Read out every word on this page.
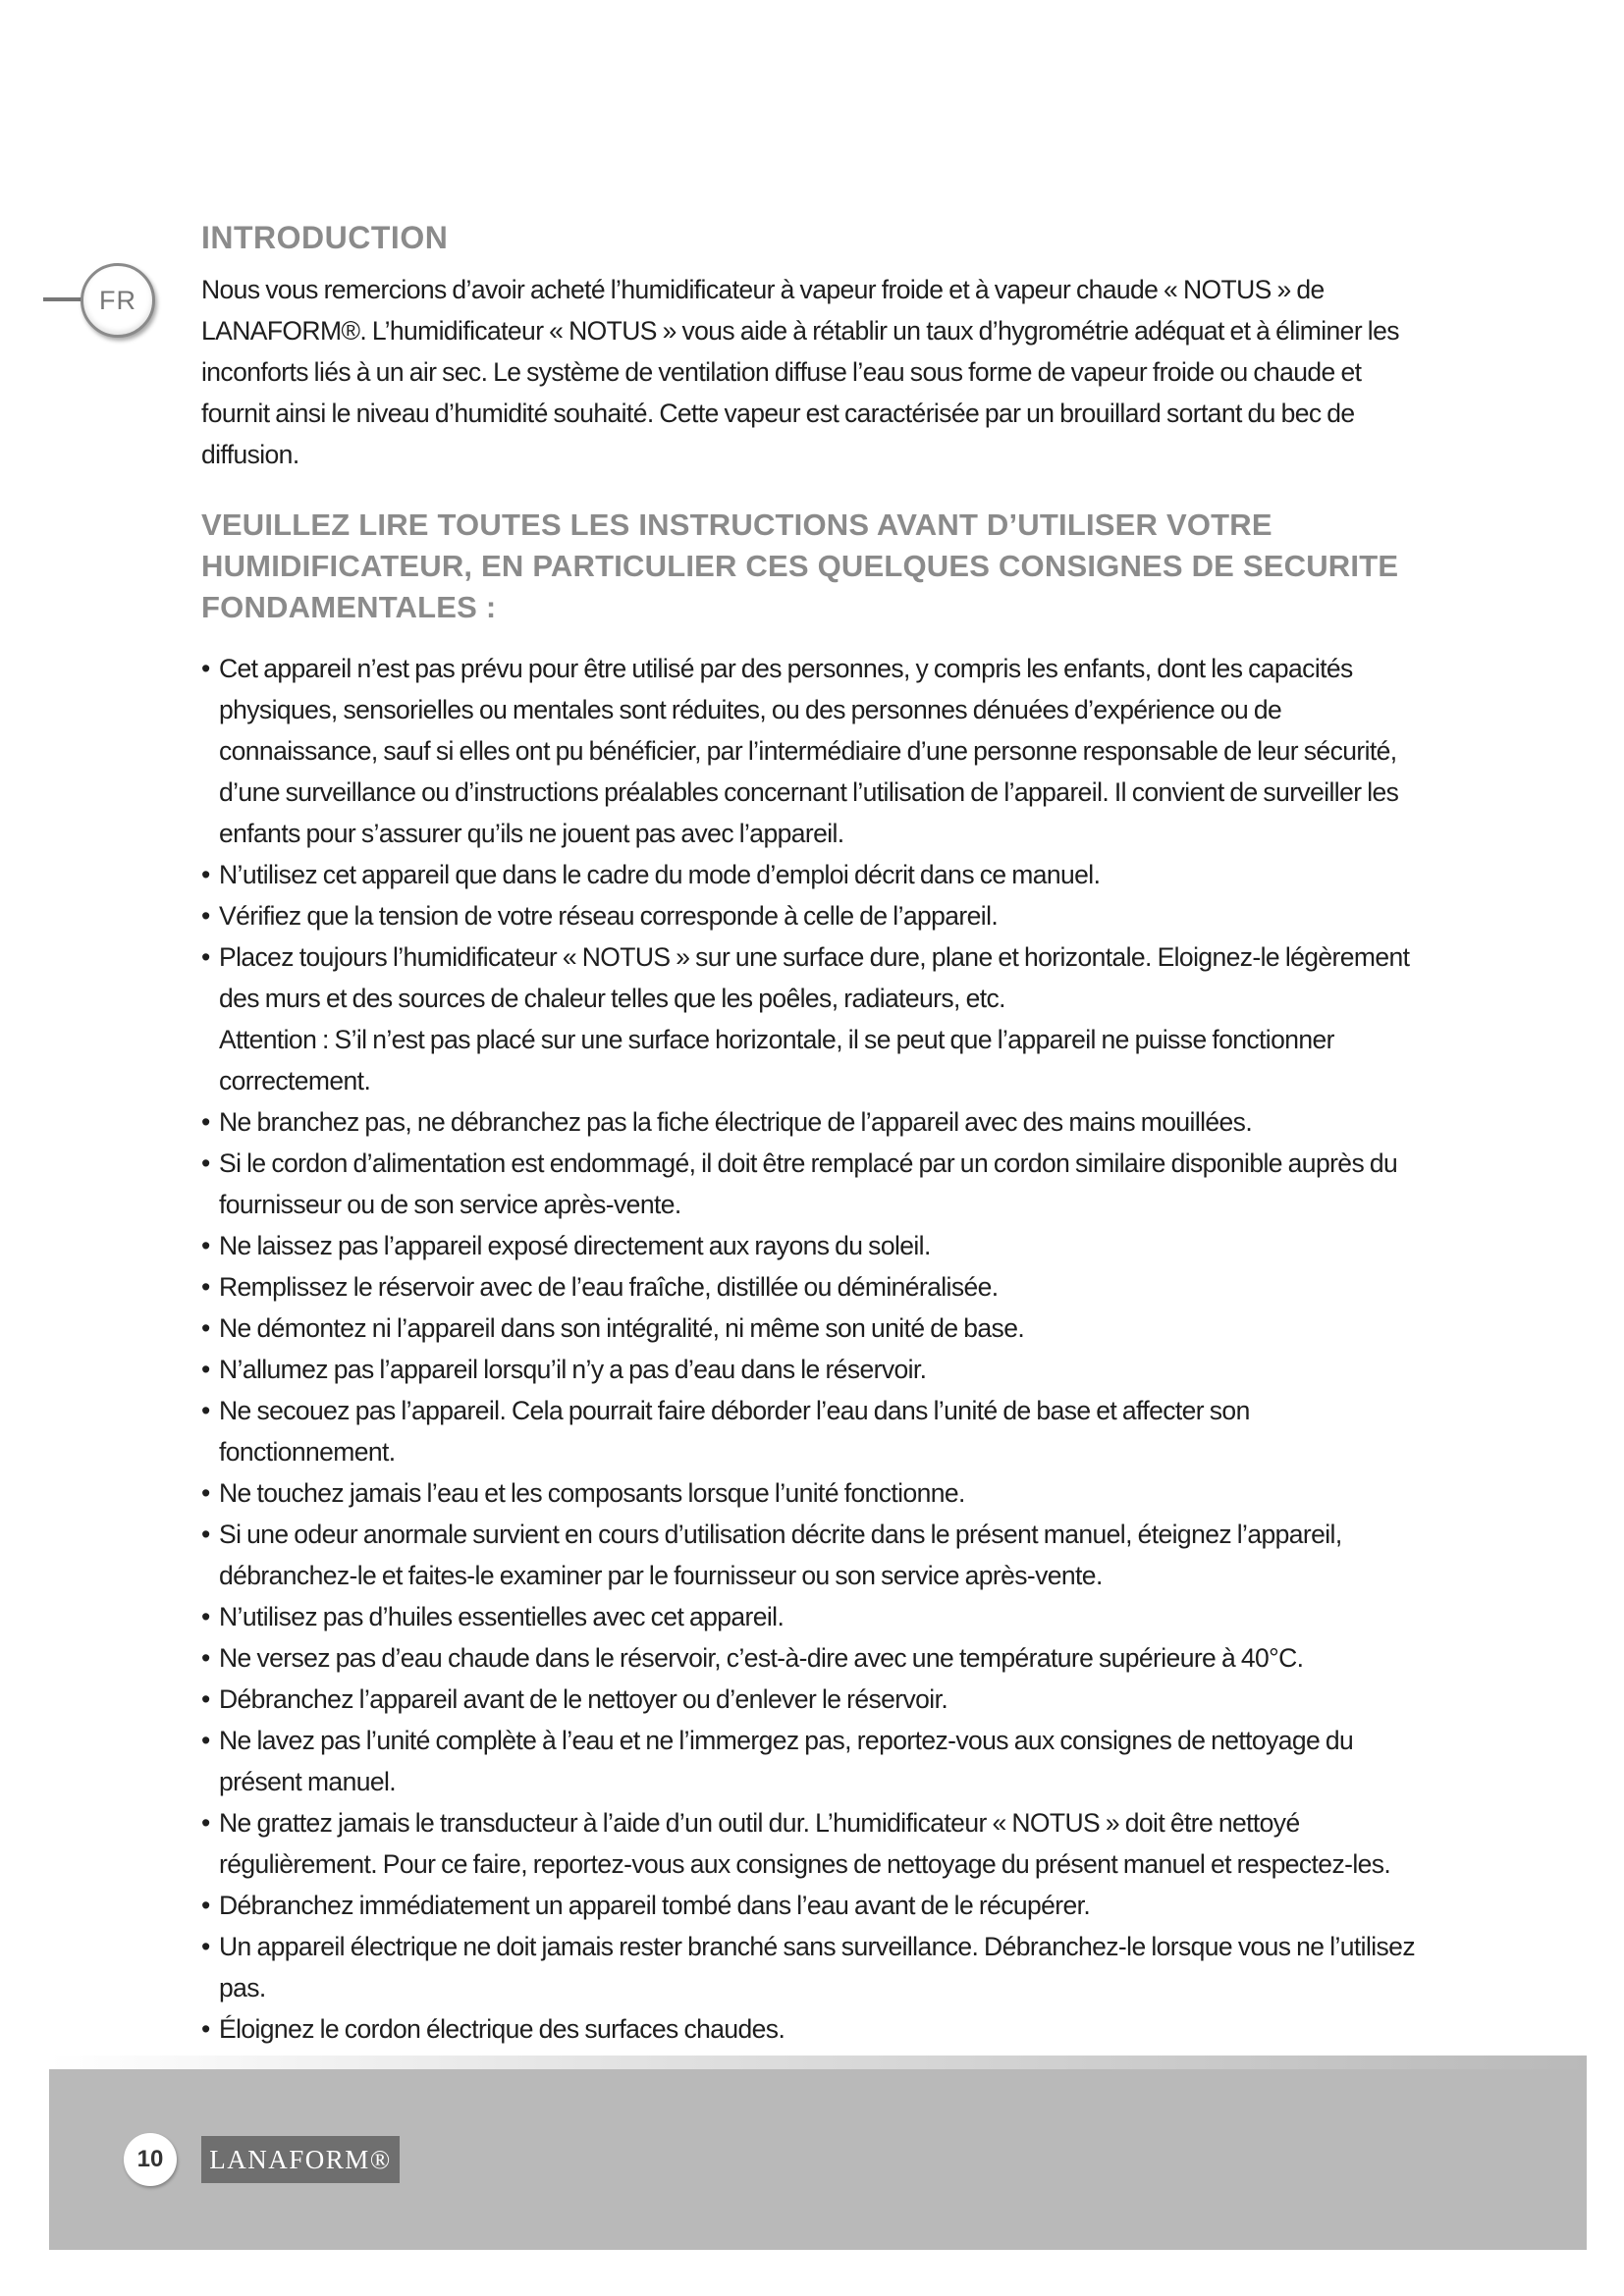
FR
INTRODUCTION

Nous vous remercions d’avoir acheté l’humidificateur à vapeur froide et à vapeur chaude « NOTUS » de LANAFORM®. L’humidificateur « NOTUS » vous aide à rétablir un taux d’hygrométrie adéquat et à éliminer les inconforts liés à un air sec. Le système de ventilation diffuse l’eau sous forme de vapeur froide ou chaude et fournit ainsi le niveau d’humidité souhaité. Cette vapeur est caractérisée par un brouillard sortant du bec de diffusion.

VEUILLEZ LIRE TOUTES LES INSTRUCTIONS AVANT D’UTILISER VOTRE HUMIDIFICATEUR, EN PARTICULIER CES QUELQUES CONSIGNES DE SECURITE FONDAMENTALES :
• Cet appareil n’est pas prévu pour être utilisé par des personnes, y compris les enfants, dont les capacités physiques, sensorielles ou mentales sont réduites, ou des personnes dénuées d’expérience ou de connaissance, sauf si elles ont pu bénéficier, par l’intermédiaire d’une personne responsable de leur sécurité, d’une surveillance ou d’instructions préalables concernant l’utilisation de l’appareil. Il convient de surveiller les enfants pour s’assurer qu’ils ne jouent pas avec l’appareil.
• N’utilisez cet appareil que dans le cadre du mode d’emploi décrit dans ce manuel.
• Vérifiez que la tension de votre réseau corresponde à celle de l’appareil.
• Placez toujours l’humidificateur « NOTUS » sur une surface dure, plane et horizontale. Eloignez-le légèrement des murs et des sources de chaleur telles que les poêles, radiateurs, etc.
Attention : S’il n’est pas placé sur une surface horizontale, il se peut que l’appareil ne puisse fonctionner correctement.
• Ne branchez pas, ne débranchez pas la fiche électrique de l’appareil avec des mains mouillées.
• Si le cordon d’alimentation est endommagé, il doit être remplacé par un cordon similaire disponible auprès du fournisseur ou de son service après-vente.
• Ne laissez pas l’appareil exposé directement aux rayons du soleil.
• Remplissez le réservoir avec de l’eau fraîche, distillée ou déminéralisée.
• Ne démontez ni l’appareil dans son intégralité, ni même son unité de base.
• N’allumez pas l’appareil lorsqu’il n’y a pas d’eau dans le réservoir.
• Ne secouez pas l’appareil. Cela pourrait faire déborder l’eau dans l’unité de base et affecter son fonctionnement.
• Ne touchez jamais l’eau et les composants lorsque l’unité fonctionne.
• Si une odeur anormale survient en cours d’utilisation décrite dans le présent manuel, éteignez l’appareil, débranchez-le et faites-le examiner par le fournisseur ou son service après-vente.
• N’utilisez pas d’huiles essentielles avec cet appareil.
• Ne versez pas d’eau chaude dans le réservoir, c’est-à-dire avec une température supérieure à 40°C.
• Débranchez l’appareil avant de le nettoyer ou d’enlever le réservoir.
• Ne lavez pas l’unité complète à l’eau et ne l’immergez pas, reportez-vous aux consignes de nettoyage du présent manuel.
• Ne grattez jamais le transducteur à l’aide d’un outil dur. L’humidificateur « NOTUS » doit être nettoyé régulièrement. Pour ce faire, reportez-vous aux consignes de nettoyage du présent manuel et respectez-les.
• Débranchez immédiatement un appareil tombé dans l’eau avant de le récupérer.
• Un appareil électrique ne doit jamais rester branché sans surveillance. Débranchez-le lorsque vous ne l’utilisez pas.
• Éloignez le cordon électrique des surfaces chaudes.
10	LANAFORM®
